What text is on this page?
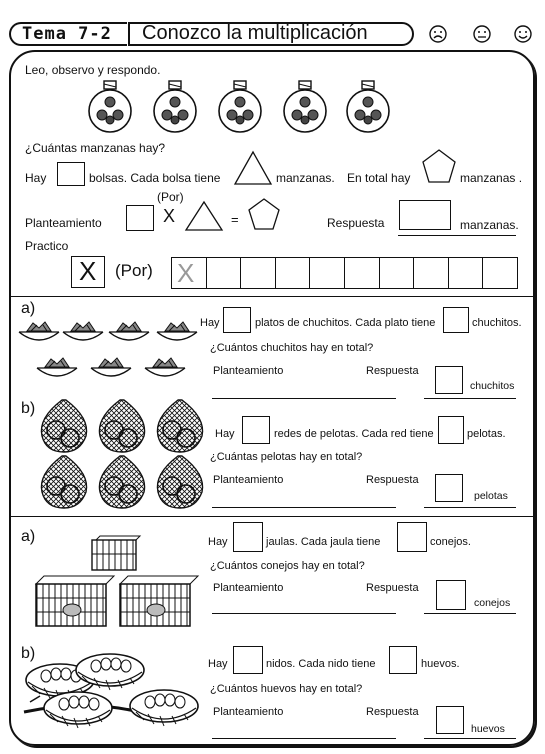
Tema 7-2 Conozco la multiplicación
Leo, observo y respondo.
¿Cuántas manzanas hay?
Hay	bolsas. Cada bolsa tiene	manzanas. En total hay	manzanas .
(Por)
Planteamiento	X	=	Respuesta	manzanas.
Practico
X (Por) X
a)
Hay	platos de chuchitos. Cada plato tiene	chuchitos.
¿Cuántos chuchitos hay en total?
Planteamiento	Respuesta
chuchitos
b)
Hay	redes de pelotas. Cada red tiene	pelotas.
¿Cuántas pelotas hay en total?
Planteamiento	Respuesta
pelotas
a)	Hay	jaulas. Cada jaula tiene	conejos.
¿Cuántos conejos hay en total?
Planteamiento	Respuesta
conejos
b)
Hay	nidos. Cada nido tiene	huevos.
¿Cuántos huevos hay en total?
Planteamiento	Respuesta
huevos
